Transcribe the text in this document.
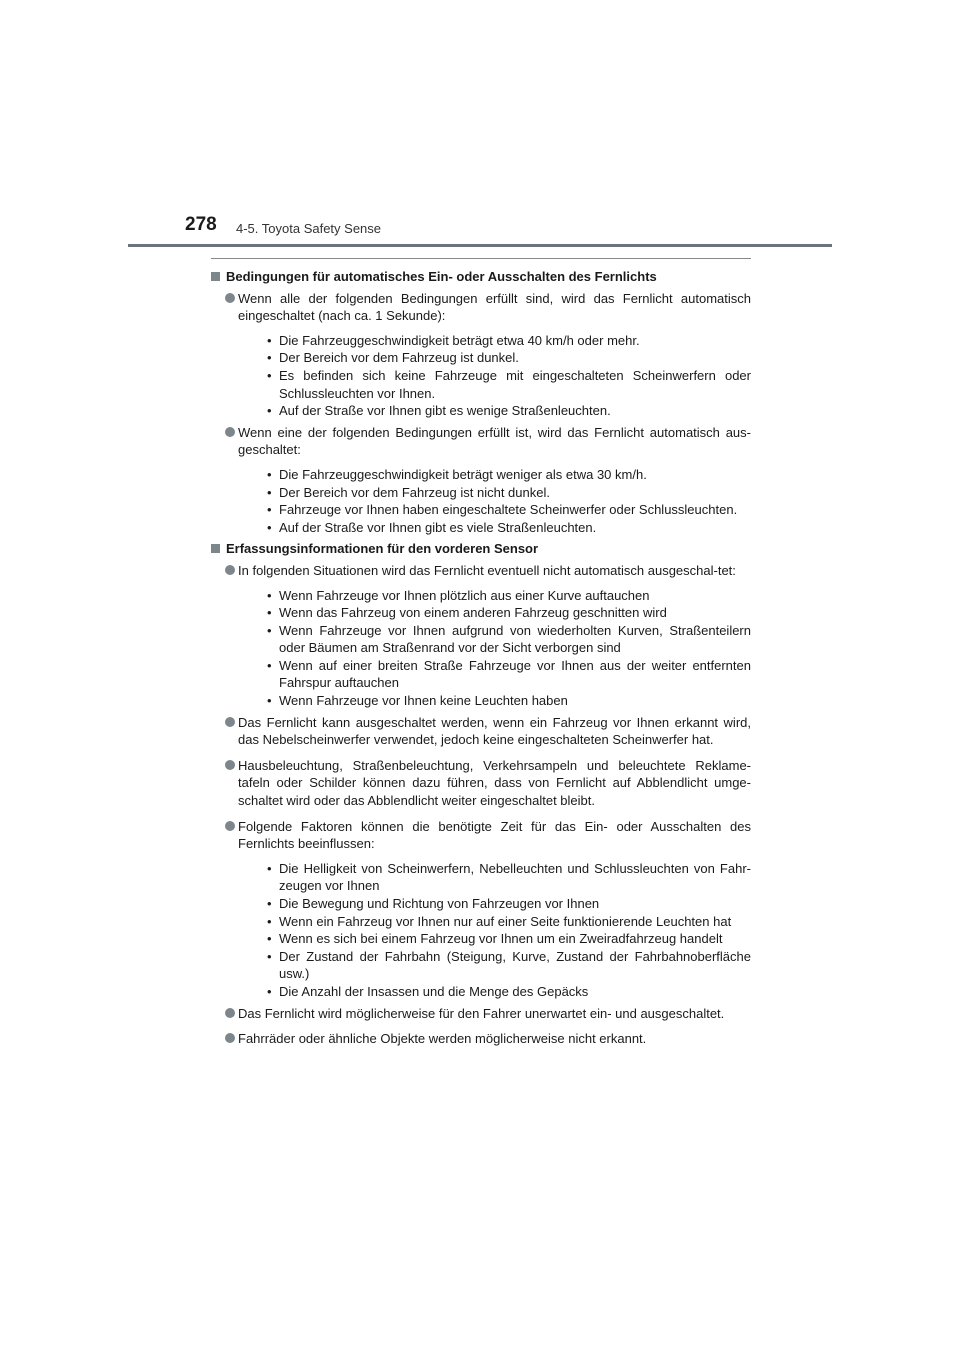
278 4-5. Toyota Safety Sense
Bedingungen für automatisches Ein- oder Ausschalten des Fernlichts
Wenn alle der folgenden Bedingungen erfüllt sind, wird das Fernlicht automatisch eingeschaltet (nach ca. 1 Sekunde):
• Die Fahrzeuggeschwindigkeit beträgt etwa 40 km/h oder mehr.
• Der Bereich vor dem Fahrzeug ist dunkel.
• Es befinden sich keine Fahrzeuge mit eingeschalteten Scheinwerfern oder Schlussleuchten vor Ihnen.
• Auf der Straße vor Ihnen gibt es wenige Straßenleuchten.
Wenn eine der folgenden Bedingungen erfüllt ist, wird das Fernlicht automatisch aus-geschaltet:
• Die Fahrzeuggeschwindigkeit beträgt weniger als etwa 30 km/h.
• Der Bereich vor dem Fahrzeug ist nicht dunkel.
• Fahrzeuge vor Ihnen haben eingeschaltete Scheinwerfer oder Schlussleuchten.
• Auf der Straße vor Ihnen gibt es viele Straßenleuchten.
Erfassungsinformationen für den vorderen Sensor
In folgenden Situationen wird das Fernlicht eventuell nicht automatisch ausgeschal-tet:
• Wenn Fahrzeuge vor Ihnen plötzlich aus einer Kurve auftauchen
• Wenn das Fahrzeug von einem anderen Fahrzeug geschnitten wird
• Wenn Fahrzeuge vor Ihnen aufgrund von wiederholten Kurven, Straßenteilern oder Bäumen am Straßenrand vor der Sicht verborgen sind
• Wenn auf einer breiten Straße Fahrzeuge vor Ihnen aus der weiter entfernten Fahrspur auftauchen
• Wenn Fahrzeuge vor Ihnen keine Leuchten haben
Das Fernlicht kann ausgeschaltet werden, wenn ein Fahrzeug vor Ihnen erkannt wird, das Nebelscheinwerfer verwendet, jedoch keine eingeschalteten Scheinwerfer hat.
Hausbeleuchtung, Straßenbeleuchtung, Verkehrsampeln und beleuchtete Reklame-tafeln oder Schilder können dazu führen, dass von Fernlicht auf Abblendlicht umge-schaltet wird oder das Abblendlicht weiter eingeschaltet bleibt.
Folgende Faktoren können die benötigte Zeit für das Ein- oder Ausschalten des Fernlichts beeinflussen:
• Die Helligkeit von Scheinwerfern, Nebelleuchten und Schlussleuchten von Fahr-zeugen vor Ihnen
• Die Bewegung und Richtung von Fahrzeugen vor Ihnen
• Wenn ein Fahrzeug vor Ihnen nur auf einer Seite funktionierende Leuchten hat
• Wenn es sich bei einem Fahrzeug vor Ihnen um ein Zweiradfahrzeug handelt
• Der Zustand der Fahrbahn (Steigung, Kurve, Zustand der Fahrbahnoberfläche usw.)
• Die Anzahl der Insassen und die Menge des Gepäcks
Das Fernlicht wird möglicherweise für den Fahrer unerwartet ein- und ausgeschaltet.
Fahrräder oder ähnliche Objekte werden möglicherweise nicht erkannt.
